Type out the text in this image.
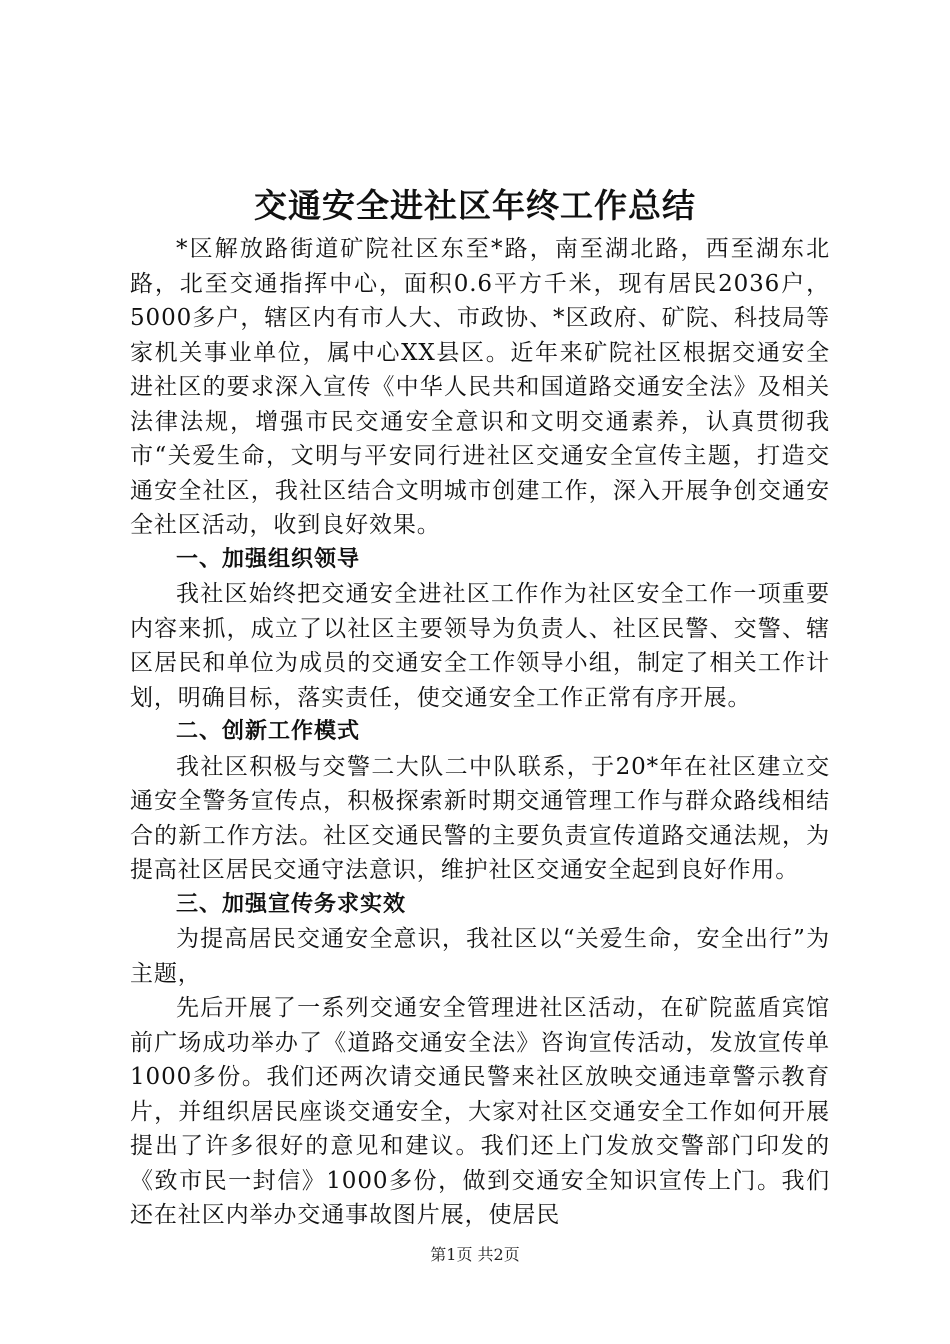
交通安全进社区年终工作总结

*区解放路街道矿院社区东至*路，南至湖北路，西至湖东北路，北至交通指挥中心，面积0.6平方千米，现有居民2036户，5000多户，辖区内有市人大、市政协、*区政府、矿院、科技局等家机关事业单位，属中心XX县区。近年来矿院社区根据交通安全进社区的要求深入宣传《中华人民共和国道路交通安全法》及相关法律法规，增强市民交通安全意识和文明交通素养，认真贯彻我市“关爱生命，文明与平安同行进社区交通安全宣传主题，打造交通安全社区，我社区结合文明城市创建工作，深入开展争创交通安全社区活动，收到良好效果。

一、加强组织领导

我社区始终把交通安全进社区工作作为社区安全工作一项重要内容来抓，成立了以社区主要领导为负责人、社区民警、交警、辖区居民和单位为成员的交通安全工作领导小组，制定了相关工作计划，明确目标，落实责任，使交通安全工作正常有序开展。

二、创新工作模式

我社区积极与交警二大队二中队联系，于20*年在社区建立交通安全警务宣传点，积极探索新时期交通管理工作与群众路线相结合的新工作方法。社区交通民警的主要负责宣传道路交通法规，为提高社区居民交通守法意识，维护社区交通安全起到良好作用。

三、加强宣传务求实效

为提高居民交通安全意识，我社区以“关爱生命，安全出行”为主题，

先后开展了一系列交通安全管理进社区活动，在矿院蓝盾宾馆前广场成功举办了《道路交通安全法》咨询宣传活动，发放宣传单1000多份。我们还两次请交通民警来社区放映交通违章警示教育片，并组织居民座谈交通安全，大家对社区交通安全工作如何开展提出了许多很好的意见和建议。我们还上门发放交警部门印发的《致市民一封信》1000多份，做到交通安全知识宣传上门。我们还在社区内举办交通事故图片展，使居民

第1页 共2页
